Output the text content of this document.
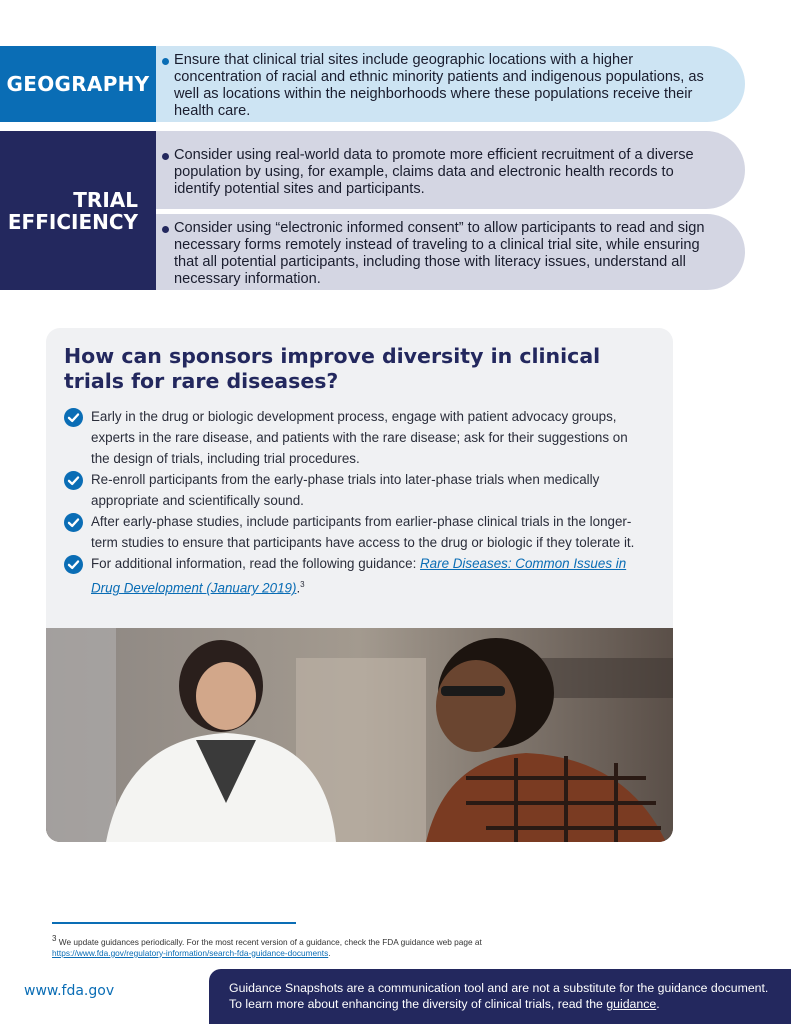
GEOGRAPHY
Ensure that clinical trial sites include geographic locations with a higher concentration of racial and ethnic minority patients and indigenous populations, as well as locations within the neighborhoods where these populations receive their health care.
TRIAL
EFFICIENCY
Consider using real-world data to promote more efficient recruitment of a diverse population by using, for example, claims data and electronic health records to identify potential sites and participants.
Consider using “electronic informed consent” to allow participants to read and sign necessary forms remotely instead of traveling to a clinical trial site, while ensuring that all potential participants, including those with literacy issues, understand all necessary information.
How can sponsors improve diversity in clinical trials for rare diseases?
Early in the drug or biologic development process, engage with patient advocacy groups, experts in the rare disease, and patients with the rare disease; ask for their suggestions on the design of trials, including trial procedures.
Re-enroll participants from the early-phase trials into later-phase trials when medically appropriate and scientifically sound.
After early-phase studies, include participants from earlier-phase clinical trials in the longer-term studies to ensure that participants have access to the drug or biologic if they tolerate it.
For additional information, read the following guidance: Rare Diseases: Common Issues in Drug Development (January 2019).$^3$

$^3$ We update guidances periodically. For the most recent version of a guidance, check the FDA guidance web page at
https://www.fda.gov/regulatory-information/search-fda-guidance-documents.

www.fda.gov	Guidance Snapshots are a communication tool and are not a substitute for the guidance document. To learn more about enhancing the diversity of clinical trials, read the guidance.
